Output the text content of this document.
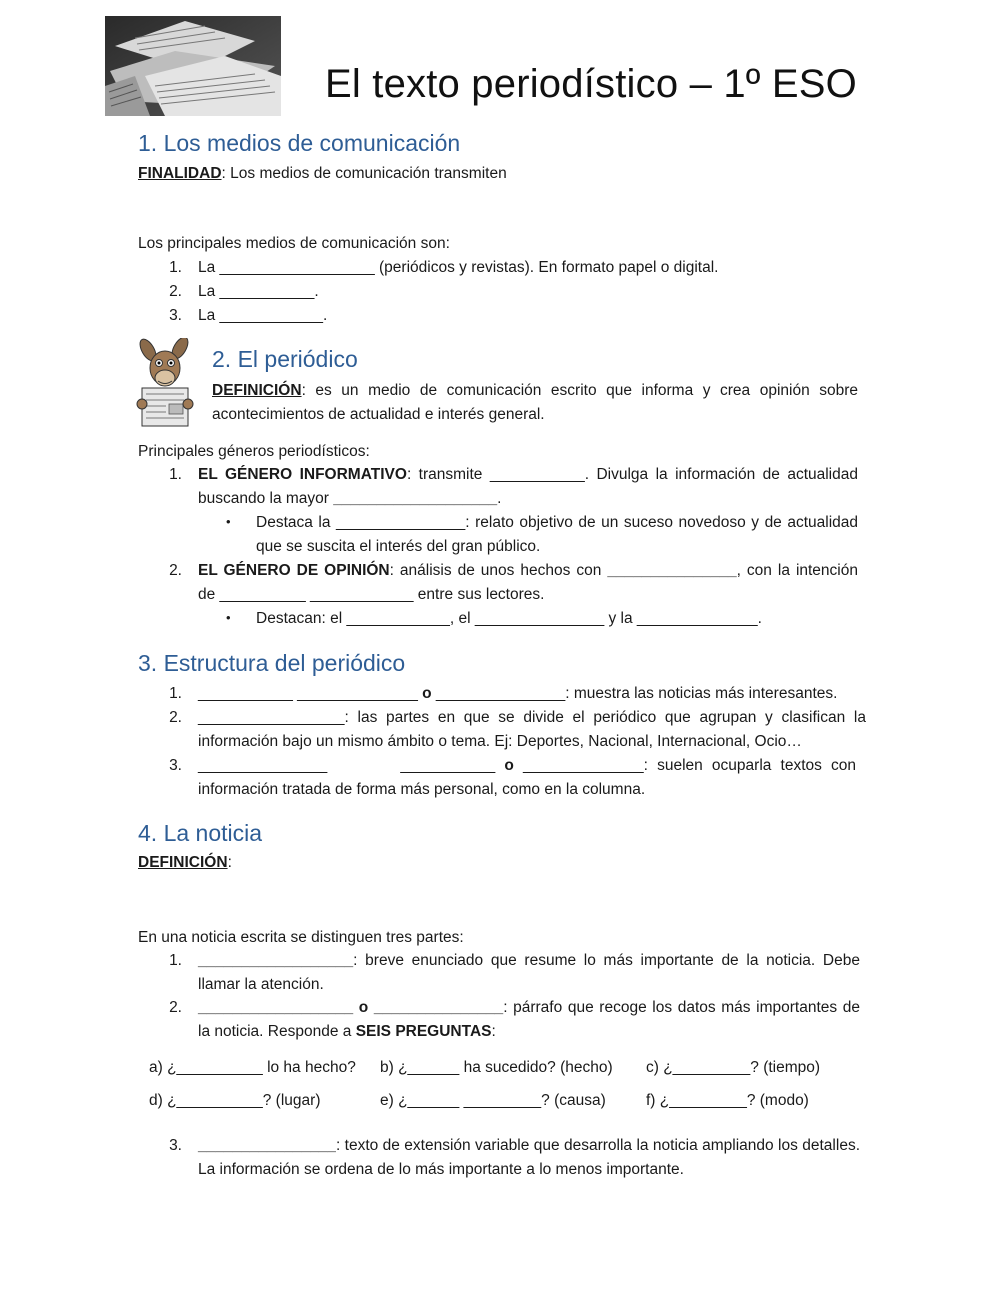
El texto periodístico – 1º ESO
1. Los medios de comunicación
FINALIDAD: Los medios de comunicación transmiten
Los principales medios de comunicación son:
1. La __________________ (periódicos y revistas). En formato papel o digital.
2. La ___________.
3. La ____________.
2. El periódico
DEFINICIÓN: es un medio de comunicación escrito que informa y crea opinión sobre acontecimientos de actualidad e interés general.
Principales géneros periodísticos:
1. EL GÉNERO INFORMATIVO: transmite ___________. Divulga la información de actualidad
buscando la mayor ___________________.
• Destaca la _______________: relato objetivo de un suceso novedoso y de actualidad que se suscita el interés del gran público.
2. EL GÉNERO DE OPINIÓN: análisis de unos hechos con _______________, con la intención
de __________ ____________ entre sus lectores.
• Destacan: el ____________, el _______________ y la ______________.
3. Estructura del periódico
1. ___________ ______________ o _______________: muestra las noticias más interesantes.
2. _________________: las partes en que se divide el periódico que agrupan y clasifican la información bajo un mismo ámbito o tema. Ej: Deportes, Nacional, Internacional, Ocio…
3. _______________        ___________ o ______________: suelen ocuparla textos con información tratada de forma más personal, como en la columna.
4. La noticia
DEFINICIÓN:
En una noticia escrita se distinguen tres partes:
1. __________________: breve enunciado que resume lo más importante de la noticia. Debe llamar la atención.
2. __________________ o _______________: párrafo que recoge los datos más importantes de la noticia. Responde a SEIS PREGUNTAS:
a) ¿__________ lo ha hecho? b) ¿______ ha sucedido? (hecho) c) ¿_________? (tiempo)
d) ¿__________? (lugar)	e) ¿______ _________? (causa)	f) ¿_________? (modo)
3. ________________: texto de extensión variable que desarrolla la noticia ampliando los detalles. La información se ordena de lo más importante a lo menos importante.
